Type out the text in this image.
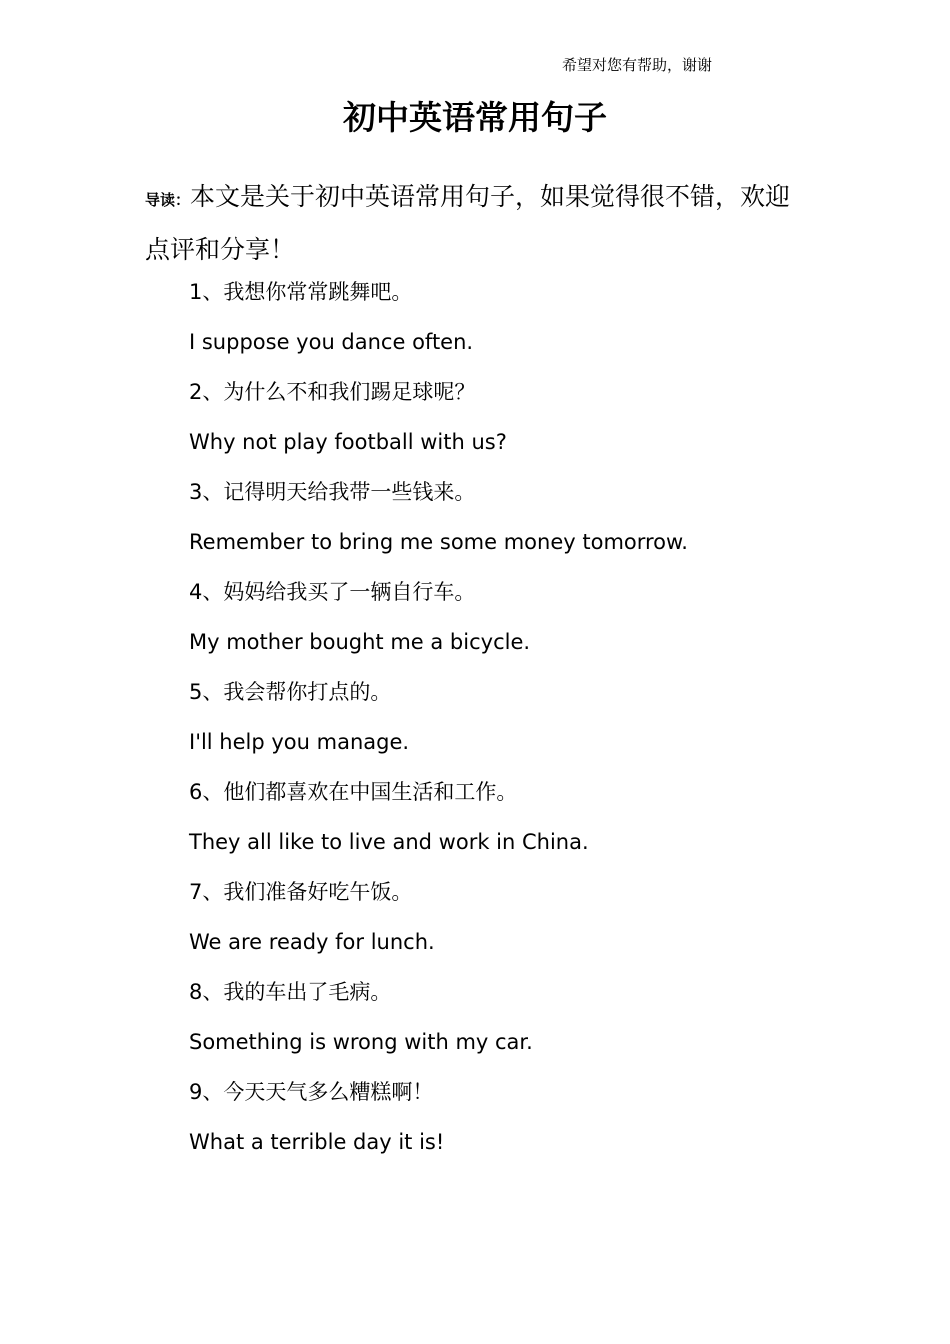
希望对您有帮助，谢谢
初中英语常用句子

导读：本文是关于初中英语常用句子，如果觉得很不错，欢迎点评和分享！

1、我想你常常跳舞吧。
I suppose you dance often.
2、为什么不和我们踢足球呢？
Why not play football with us?
3、记得明天给我带一些钱来。
Remember to bring me some money tomorrow.
4、妈妈给我买了一辆自行车。
My mother bought me a bicycle.
5、我会帮你打点的。
I'll help you manage.
6、他们都喜欢在中国生活和工作。
They all like to live and work in China.
7、我们准备好吃午饭。
We are ready for lunch.
8、我的车出了毛病。
Something is wrong with my car.
9、今天天气多么糟糕啊！
What a terrible day it is!
